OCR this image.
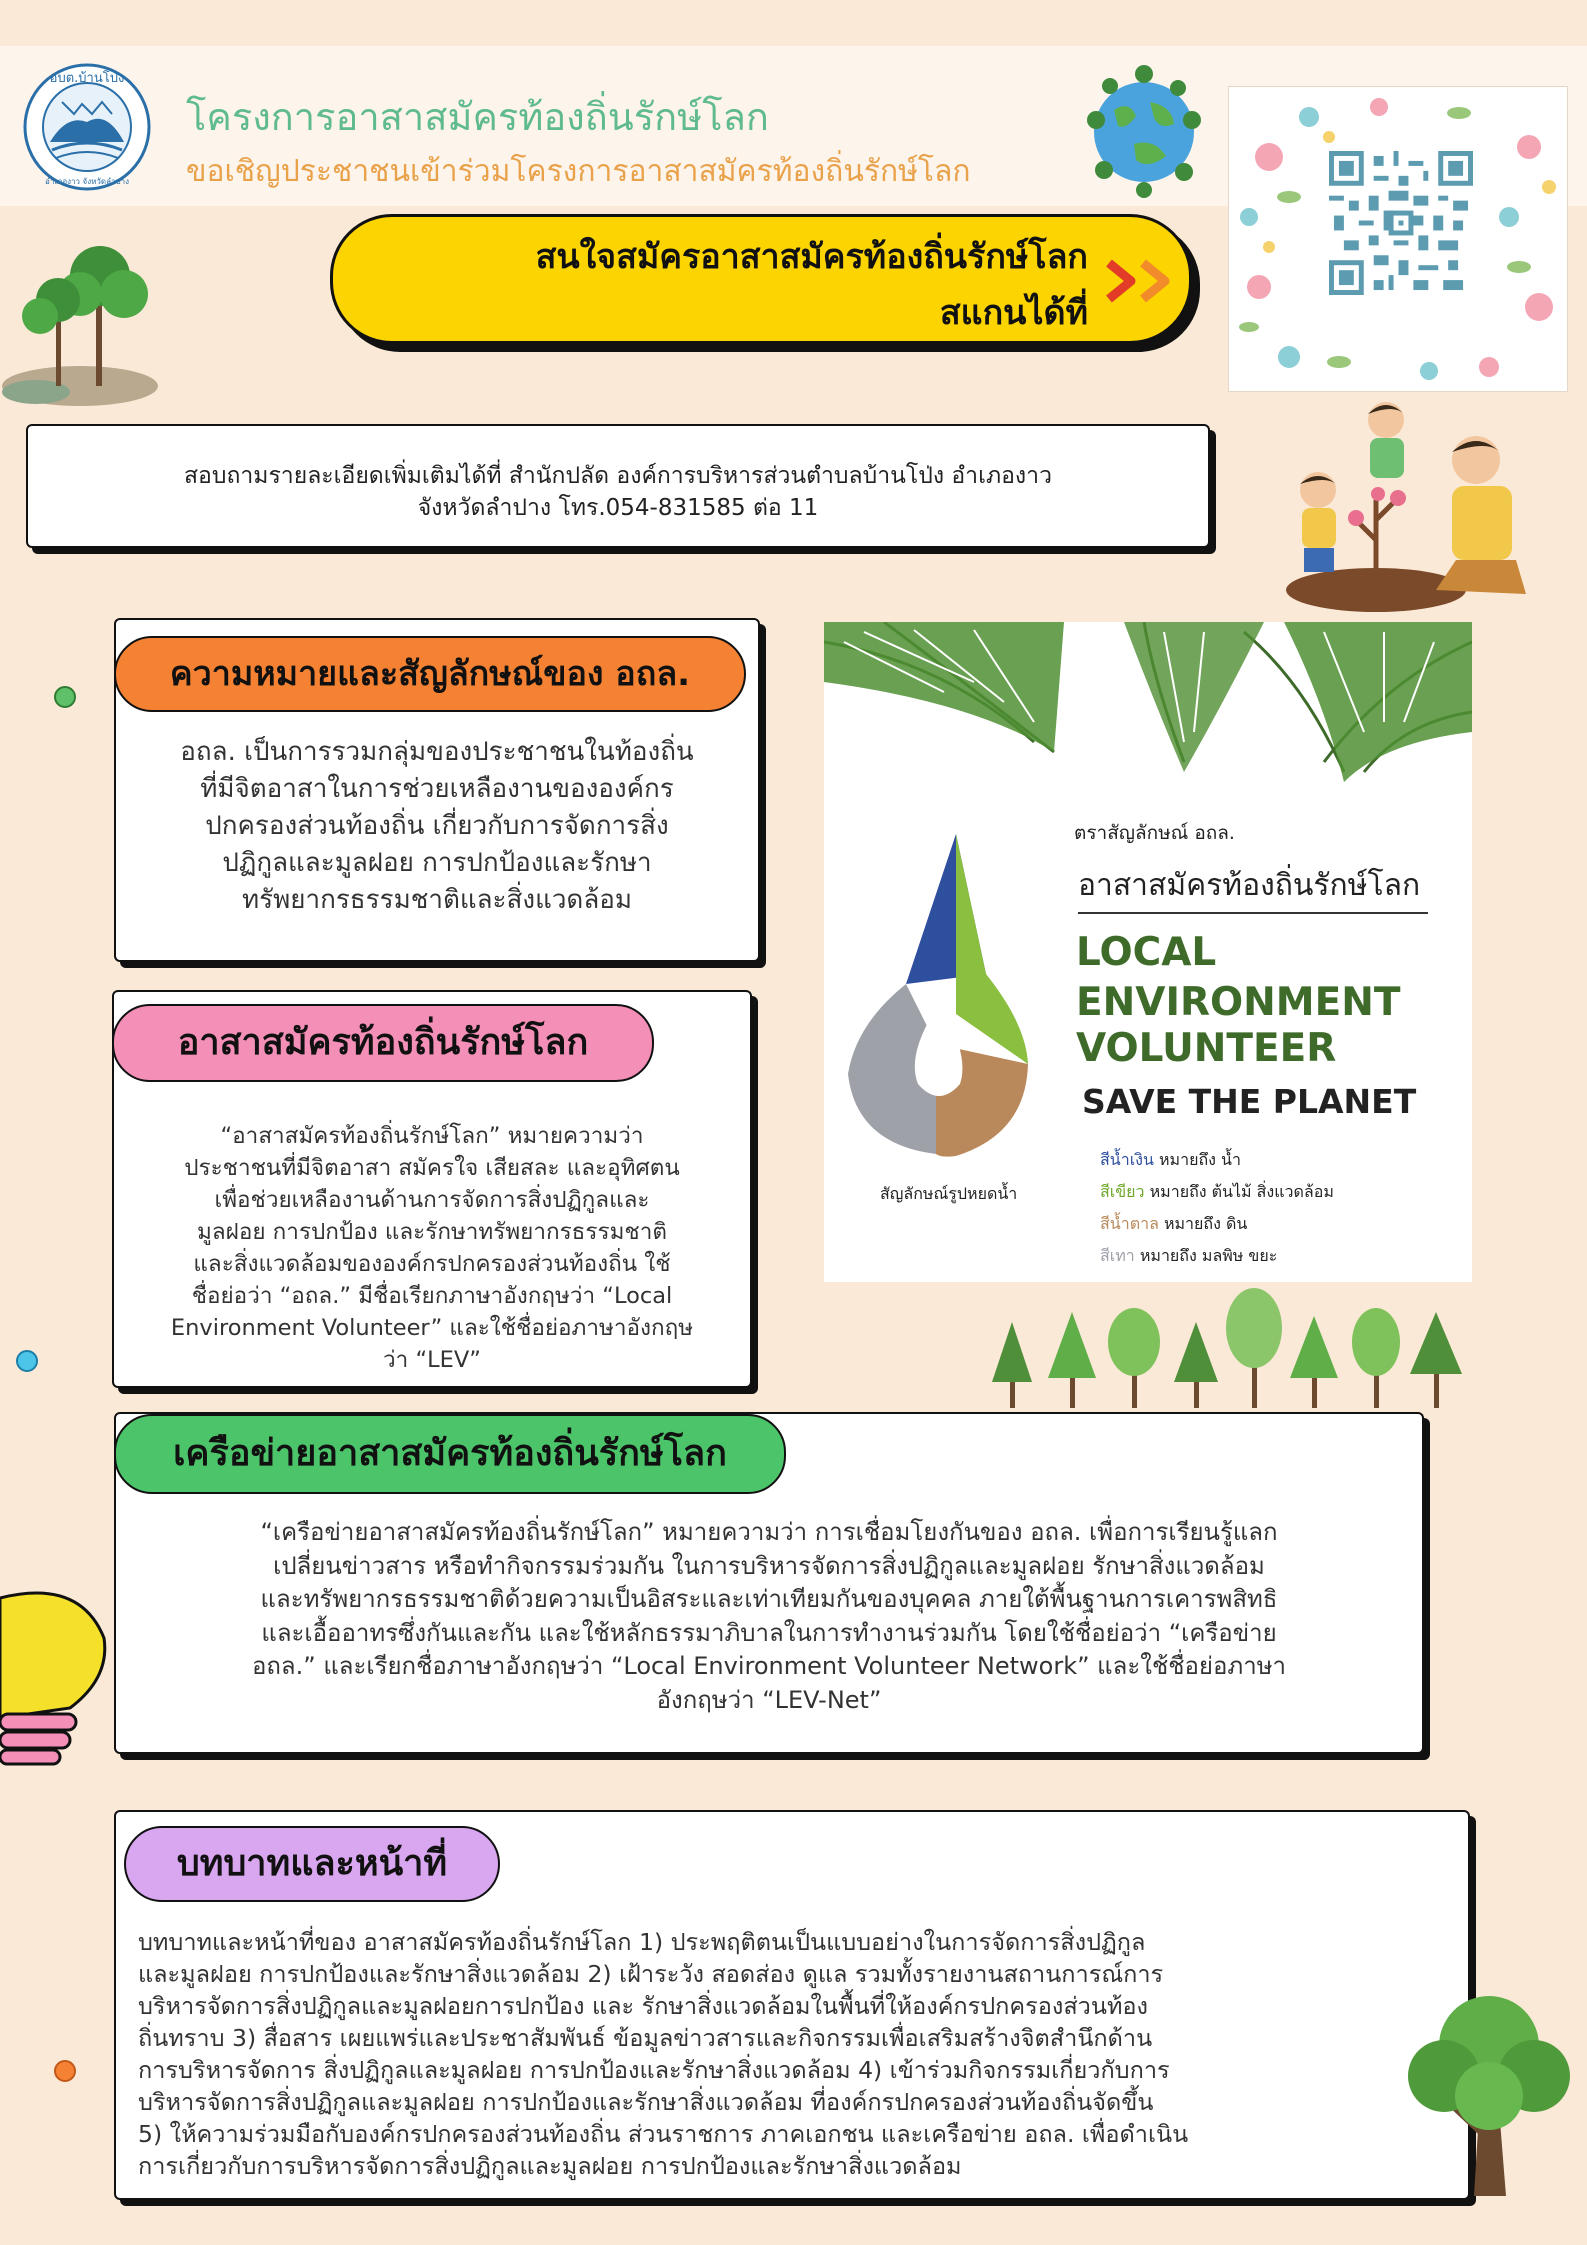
อบต.บ้านโป่ง
อำเภองาว จังหวัดลำปาง
โครงการอาสาสมัครท้องถิ่นรักษ์โลก
ขอเชิญประชาชนเข้าร่วมโครงการอาสาสมัครท้องถิ่นรักษ์โลก
สนใจสมัครอาสาสมัครท้องถิ่นรักษ์โลก
สแกนได้ที่
สอบถามรายละเอียดเพิ่มเติมได้ที่ สำนักปลัด องค์การบริหารส่วนตำบลบ้านโป่ง อำเภองาว
จังหวัดลำปาง โทร.054-831585 ต่อ 11
ความหมายและสัญลักษณ์ของ อถล.
อถล. เป็นการรวมกลุ่มของประชาชนในท้องถิ่น
ที่มีจิตอาสาในการช่วยเหลืองานขององค์กร
ปกครองส่วนท้องถิ่น เกี่ยวกับการจัดการสิ่ง
ปฏิกูลและมูลฝอย การปกป้องและรักษา
ทรัพยากรธรรมชาติและสิ่งแวดล้อม
อาสาสมัครท้องถิ่นรักษ์โลก
“อาสาสมัครท้องถิ่นรักษ์โลก” หมายความว่า
ประชาชนที่มีจิตอาสา สมัครใจ เสียสละ และอุทิศตน
เพื่อช่วยเหลืองานด้านการจัดการสิ่งปฏิกูลและ
มูลฝอย การปกป้อง และรักษาทรัพยากรธรรมชาติ
และสิ่งแวดล้อมขององค์กรปกครองส่วนท้องถิ่น ใช้
ชื่อย่อว่า “อถล.” มีชื่อเรียกภาษาอังกฤษว่า “Local
Environment Volunteer” และใช้ชื่อย่อภาษาอังกฤษ
ว่า “LEV”
ตราสัญลักษณ์ อถล.
อาสาสมัครท้องถิ่นรักษ์โลก
LOCAL
ENVIRONMENT
VOLUNTEER
SAVE THE PLANET
สัญลักษณ์รูปหยดน้ำ
สีน้ำเงิน หมายถึง น้ำ
สีเขียว หมายถึง ต้นไม้ สิ่งแวดล้อม
สีน้ำตาล หมายถึง ดิน
สีเทา หมายถึง มลพิษ ขยะ
เครือข่ายอาสาสมัครท้องถิ่นรักษ์โลก
“เครือข่ายอาสาสมัครท้องถิ่นรักษ์โลก” หมายความว่า การเชื่อมโยงกันของ อถล. เพื่อการเรียนรู้แลก
เปลี่ยนข่าวสาร หรือทำกิจกรรมร่วมกัน ในการบริหารจัดการสิ่งปฏิกูลและมูลฝอย รักษาสิ่งแวดล้อม
และทรัพยากรธรรมชาติด้วยความเป็นอิสระและเท่าเทียมกันของบุคคล ภายใต้พื้นฐานการเคารพสิทธิ
และเอื้ออาทรซึ่งกันและกัน และใช้หลักธรรมาภิบาลในการทำงานร่วมกัน โดยใช้ชื่อย่อว่า “เครือข่าย
อถล.” และเรียกชื่อภาษาอังกฤษว่า “Local Environment Volunteer Network” และใช้ชื่อย่อภาษา
อังกฤษว่า “LEV-Net”
บทบาทและหน้าที่
บทบาทและหน้าที่ของ อาสาสมัครท้องถิ่นรักษ์โลก 1) ประพฤติตนเป็นแบบอย่างในการจัดการสิ่งปฏิกูล
และมูลฝอย การปกป้องและรักษาสิ่งแวดล้อม 2) เฝ้าระวัง สอดส่อง ดูแล รวมทั้งรายงานสถานการณ์การ
บริหารจัดการสิ่งปฏิกูลและมูลฝอยการปกป้อง และ รักษาสิ่งแวดล้อมในพื้นที่ให้องค์กรปกครองส่วนท้อง
ถิ่นทราบ 3) สื่อสาร เผยแพร่และประชาสัมพันธ์ ข้อมูลข่าวสารและกิจกรรมเพื่อเสริมสร้างจิตสำนึกด้าน
การบริหารจัดการ สิ่งปฏิกูลและมูลฝอย การปกป้องและรักษาสิ่งแวดล้อม 4) เข้าร่วมกิจกรรมเกี่ยวกับการ
บริหารจัดการสิ่งปฏิกูลและมูลฝอย การปกป้องและรักษาสิ่งแวดล้อม ที่องค์กรปกครองส่วนท้องถิ่นจัดขึ้น
5) ให้ความร่วมมือกับองค์กรปกครองส่วนท้องถิ่น ส่วนราชการ ภาคเอกชน และเครือข่าย อถล. เพื่อดำเนิน
การเกี่ยวกับการบริหารจัดการสิ่งปฏิกูลและมูลฝอย การปกป้องและรักษาสิ่งแวดล้อม
